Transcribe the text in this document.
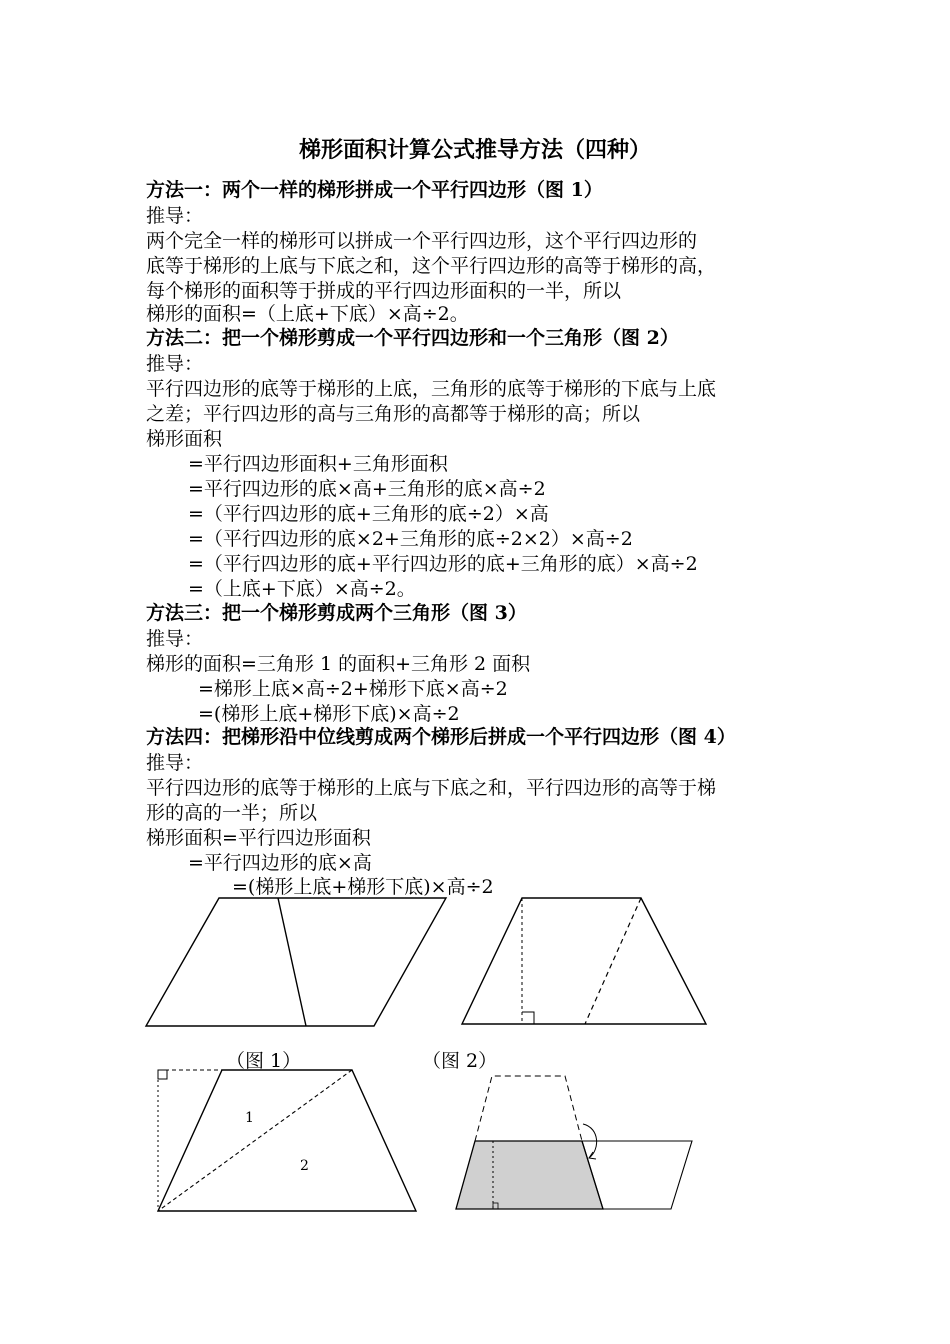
梯形面积计算公式推导方法（四种）
方法一：两个一样的梯形拼成一个平行四边形（图 1）
推导：
两个完全一样的梯形可以拼成一个平行四边形，这个平行四边形的
底等于梯形的上底与下底之和，这个平行四边形的高等于梯形的高，
每个梯形的面积等于拼成的平行四边形面积的一半，所以
梯形的面积=（上底+下底）×高÷2。
方法二：把一个梯形剪成一个平行四边形和一个三角形（图 2）
推导：
平行四边形的底等于梯形的上底，三角形的底等于梯形的下底与上底
之差；平行四边形的高与三角形的高都等于梯形的高；所以
梯形面积
=平行四边形面积+三角形面积
=平行四边形的底×高+三角形的底×高÷2
=（平行四边形的底+三角形的底÷2）×高
=（平行四边形的底×2+三角形的底÷2×2）×高÷2
=（平行四边形的底+平行四边形的底+三角形的底）×高÷2
=（上底+下底）×高÷2。
方法三：把一个梯形剪成两个三角形（图 3）
推导：
梯形的面积=三角形 1 的面积+三角形 2 面积
=梯形上底×高÷2+梯形下底×高÷2
=(梯形上底+梯形下底)×高÷2
方法四：把梯形沿中位线剪成两个梯形后拼成一个平行四边形（图 4）
推导：
平行四边形的底等于梯形的上底与下底之和，平行四边形的高等于梯
形的高的一半；所以
梯形面积=平行四边形面积
=平行四边形的底×高
=(梯形上底+梯形下底)×高÷2
1
2
（图 1）	（图 2）
